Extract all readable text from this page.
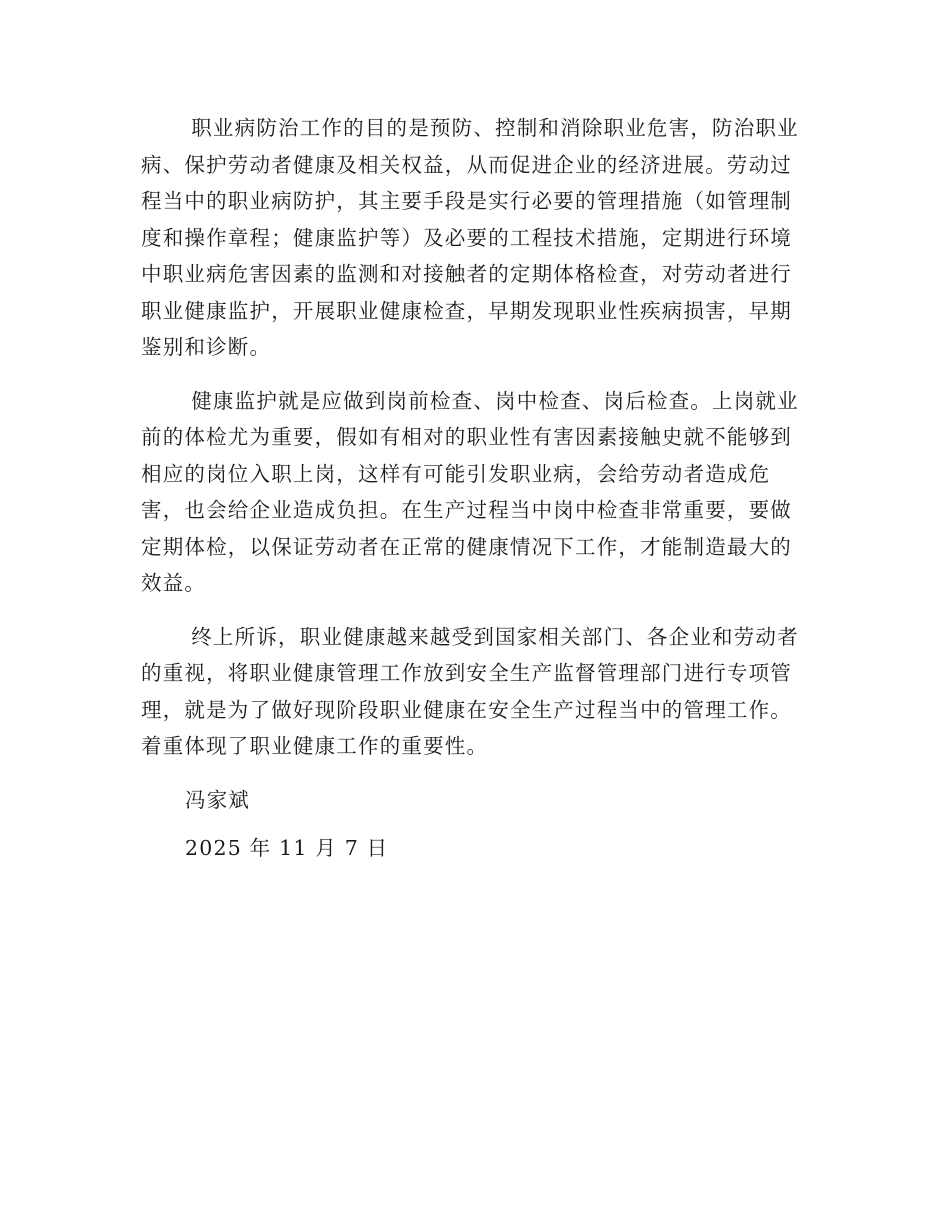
职业病防治工作的目的是预防、控制和消除职业危害，防治职业
病、保护劳动者健康及相关权益，从而促进企业的经济进展。劳动过
程当中的职业病防护，其主要手段是实行必要的管理措施（如管理制
度和操作章程；健康监护等）及必要的工程技术措施，定期进行环境
中职业病危害因素的监测和对接触者的定期体格检查，对劳动者进行
职业健康监护，开展职业健康检查，早期发现职业性疾病损害，早期
鉴别和诊断。

健康监护就是应做到岗前检查、岗中检查、岗后检查。上岗就业
前的体检尤为重要，假如有相对的职业性有害因素接触史就不能够到
相应的岗位入职上岗，这样有可能引发职业病，会给劳动者造成危
害，也会给企业造成负担。在生产过程当中岗中检查非常重要，要做
定期体检，以保证劳动者在正常的健康情况下工作，才能制造最大的
效益。

终上所诉，职业健康越来越受到国家相关部门、各企业和劳动者
的重视，将职业健康管理工作放到安全生产监督管理部门进行专项管
理，就是为了做好现阶段职业健康在安全生产过程当中的管理工作。
着重体现了职业健康工作的重要性。

冯家斌

2025 年 11 月 7 日
